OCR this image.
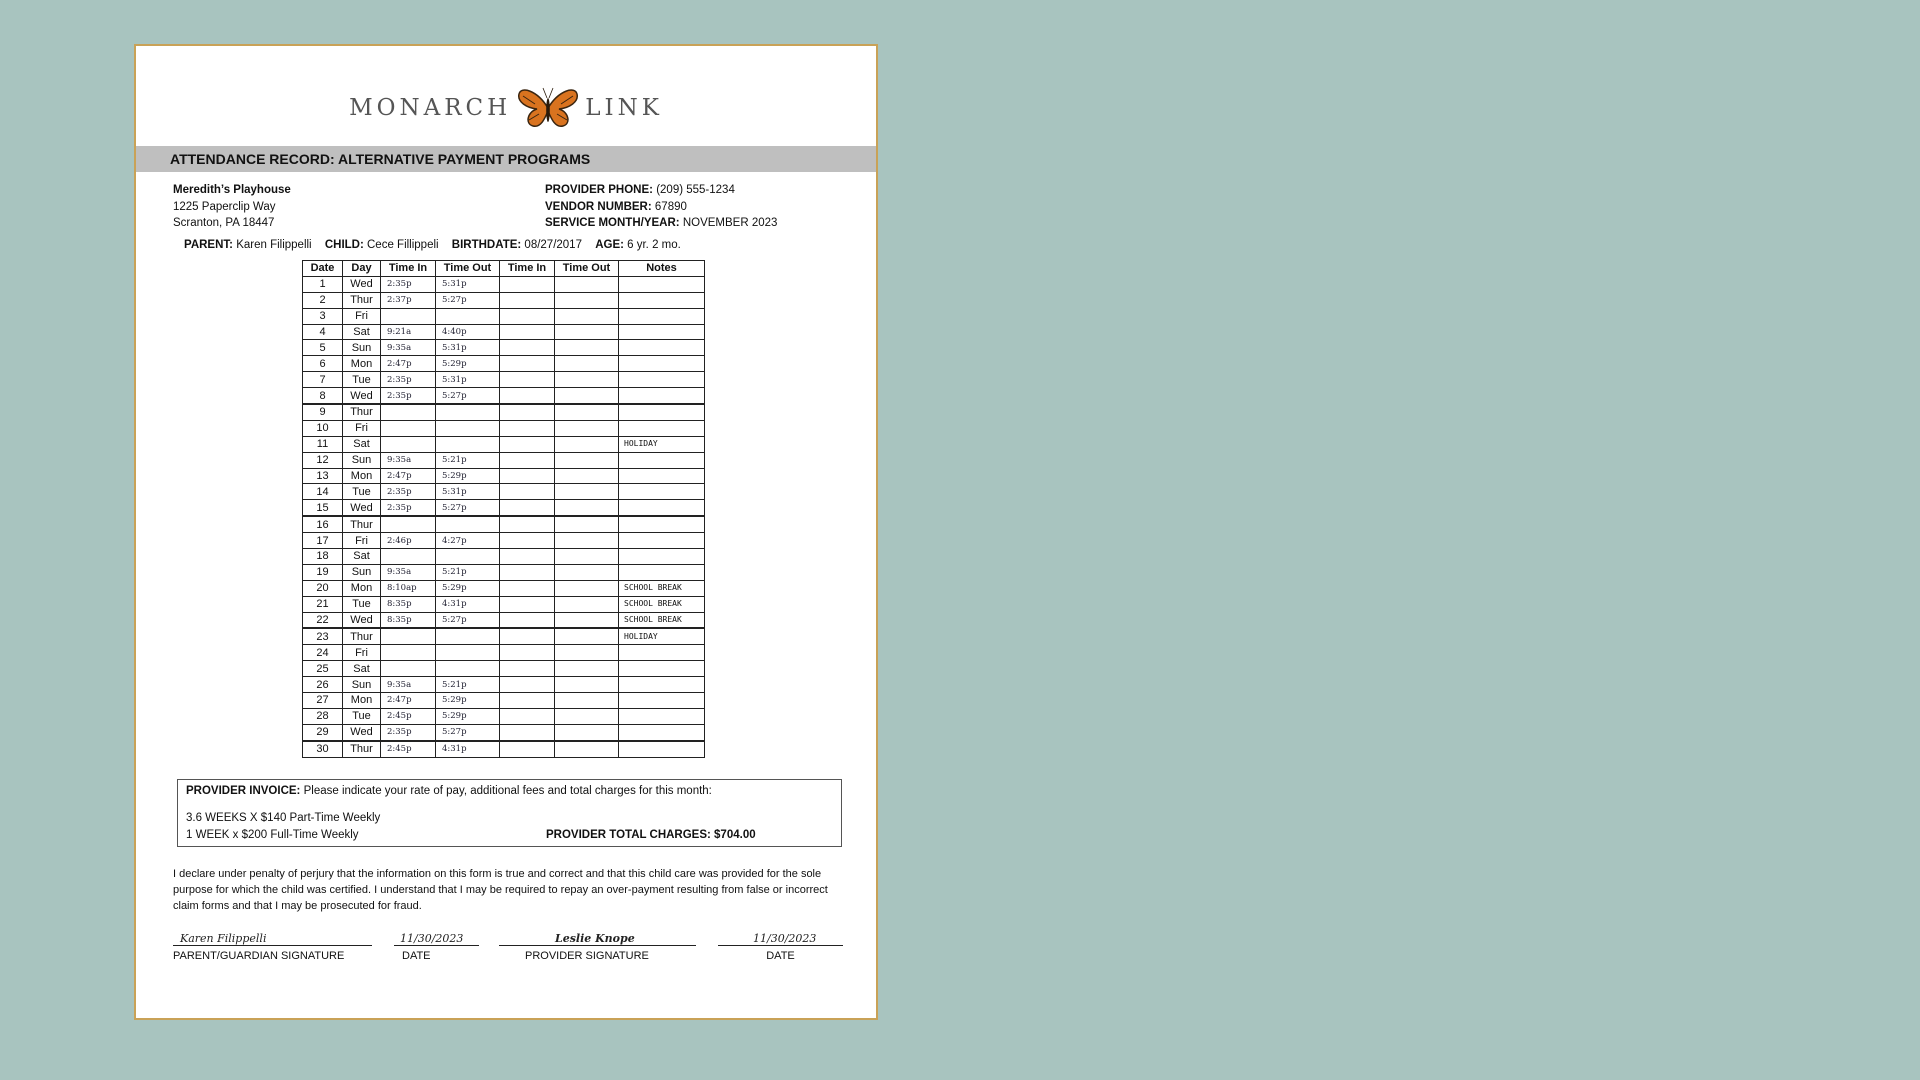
MONARCH	LINK
ATTENDANCE RECORD: ALTERNATIVE PAYMENT PROGRAMS
Meredith’s Playhouse
1225 Paperclip Way
Scranton, PA 18447
PROVIDER PHONE: (209) 555-1234
VENDOR NUMBER: 67890
SERVICE MONTH/YEAR: NOVEMBER 2023
PARENT: Karen Filippelli CHILD: Cece Fillippeli BIRTHDATE: 08/27/2017 AGE: 6 yr. 2 mo.
Date	Day	Time In	Time Out	Time In	Time Out	Notes
1	Wed	2:35p	5:31p			
2	Thur	2:37p	5:27p			
3	Fri					
4	Sat	9:21a	4:40p			
5	Sun	9:35a	5:31p			
6	Mon	2:47p	5:29p			
7	Tue	2:35p	5:31p			
8	Wed	2:35p	5:27p			
9	Thur					
10	Fri					
11	Sat					HOLIDAY
12	Sun	9:35a	5:21p			
13	Mon	2:47p	5:29p			
14	Tue	2:35p	5:31p			
15	Wed	2:35p	5:27p			
16	Thur					
17	Fri	2:46p	4:27p			
18	Sat					
19	Sun	9:35a	5:21p			
20	Mon	8:10ap	5:29p			SCHOOL BREAK
21	Tue	8:35p	4:31p			SCHOOL BREAK
22	Wed	8:35p	5:27p			SCHOOL BREAK
23	Thur					HOLIDAY
24	Fri					
25	Sat					
26	Sun	9:35a	5:21p			
27	Mon	2:47p	5:29p			
28	Tue	2:45p	5:29p			
29	Wed	2:35p	5:27p			
30	Thur	2:45p	4:31p			
PROVIDER INVOICE: Please indicate your rate of pay, additional fees and total charges for this month:
3.6 WEEKS X $140 Part-Time Weekly
1 WEEK x $200 Full-Time Weekly	PROVIDER TOTAL CHARGES: $704.00
I declare under penalty of perjury that the information on this form is true and correct and that this child care was provided for the sole purpose for which the child was certified. I understand that I may be required to repay an over-payment resulting from false or incorrect claim forms and that I may be prosecuted for fraud.
Karen Filippelli
PARENT/GUARDIAN SIGNATURE
11/30/2023
DATE
Leslie Knope
PROVIDER SIGNATURE
11/30/2023
DATE
